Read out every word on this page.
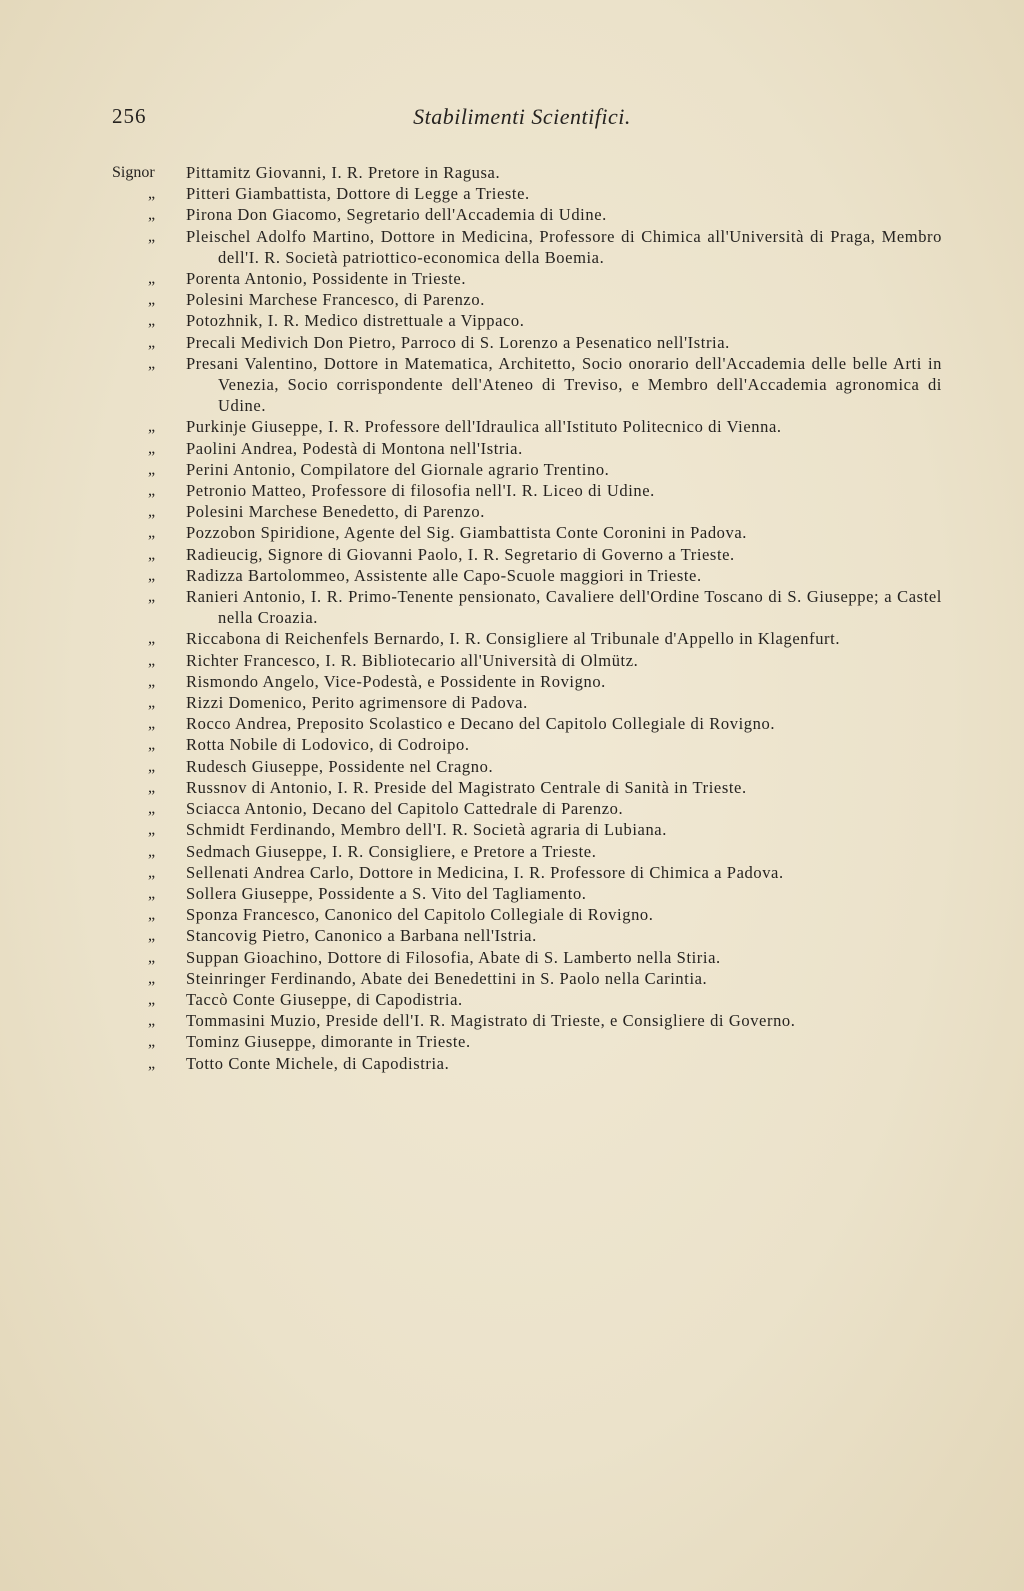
256	Stabilimenti Scientifici.
Signor Pittamitz Giovanni, I. R. Pretore in Ragusa.
„ Pitteri Giambattista, Dottore di Legge a Trieste.
„ Pirona Don Giacomo, Segretario dell'Accademia di Udine.
„ Pleischel Adolfo Martino, Dottore in Medicina, Professore di Chimica all'Università di Praga, Membro dell'I. R. Società patriottico-economica della Boemia.
„ Porenta Antonio, Possidente in Trieste.
„ Polesini Marchese Francesco, di Parenzo.
„ Potozhnik, I. R. Medico distrettuale a Vippaco.
„ Precali Medivich Don Pietro, Parroco di S. Lorenzo a Pesenatico nell'Istria.
„ Presani Valentino, Dottore in Matematica, Architetto, Socio onorario dell'Accademia delle belle Arti in Venezia, Socio corrispondente dell'Ateneo di Treviso, e Membro dell'Accademia agronomica di Udine.
„ Purkinje Giuseppe, I. R. Professore dell'Idraulica all'Istituto Politecnico di Vienna.
„ Paolini Andrea, Podestà di Montona nell'Istria.
„ Perini Antonio, Compilatore del Giornale agrario Trentino.
„ Petronio Matteo, Professore di filosofia nell'I. R. Liceo di Udine.
„ Polesini Marchese Benedetto, di Parenzo.
„ Pozzobon Spiridione, Agente del Sig. Giambattista Conte Coronini in Padova.
„ Radieucig, Signore di Giovanni Paolo, I. R. Segretario di Governo a Trieste.
„ Radizza Bartolommeo, Assistente alle Capo-Scuole maggiori in Trieste.
„ Ranieri Antonio, I. R. Primo-Tenente pensionato, Cavaliere dell'Ordine Toscano di S. Giuseppe; a Castel nella Croazia.
„ Riccabona di Reichenfels Bernardo, I. R. Consigliere al Tribunale d'Appello in Klagenfurt.
„ Richter Francesco, I. R. Bibliotecario all'Università di Olmütz.
„ Rismondo Angelo, Vice-Podestà, e Possidente in Rovigno.
„ Rizzi Domenico, Perito agrimensore di Padova.
„ Rocco Andrea, Preposito Scolastico e Decano del Capitolo Collegiale di Rovigno.
„ Rotta Nobile di Lodovico, di Codroipo.
„ Rudesch Giuseppe, Possidente nel Cragno.
„ Russnov di Antonio, I. R. Preside del Magistrato Centrale di Sanità in Trieste.
„ Sciacca Antonio, Decano del Capitolo Cattedrale di Parenzo.
„ Schmidt Ferdinando, Membro dell'I. R. Società agraria di Lubiana.
„ Sedmach Giuseppe, I. R. Consigliere, e Pretore a Trieste.
„ Sellenati Andrea Carlo, Dottore in Medicina, I. R. Professore di Chimica a Padova.
„ Sollera Giuseppe, Possidente a S. Vito del Tagliamento.
„ Sponza Francesco, Canonico del Capitolo Collegiale di Rovigno.
„ Stancovig Pietro, Canonico a Barbana nell'Istria.
„ Suppan Gioachino, Dottore di Filosofia, Abate di S. Lamberto nella Stiria.
„ Steinringer Ferdinando, Abate dei Benedettini in S. Paolo nella Carintia.
„ Taccò Conte Giuseppe, di Capodistria.
„ Tommasini Muzio, Preside dell'I. R. Magistrato di Trieste, e Consigliere di Governo.
„ Tominz Giuseppe, dimorante in Trieste.
„ Totto Conte Michele, di Capodistria.
